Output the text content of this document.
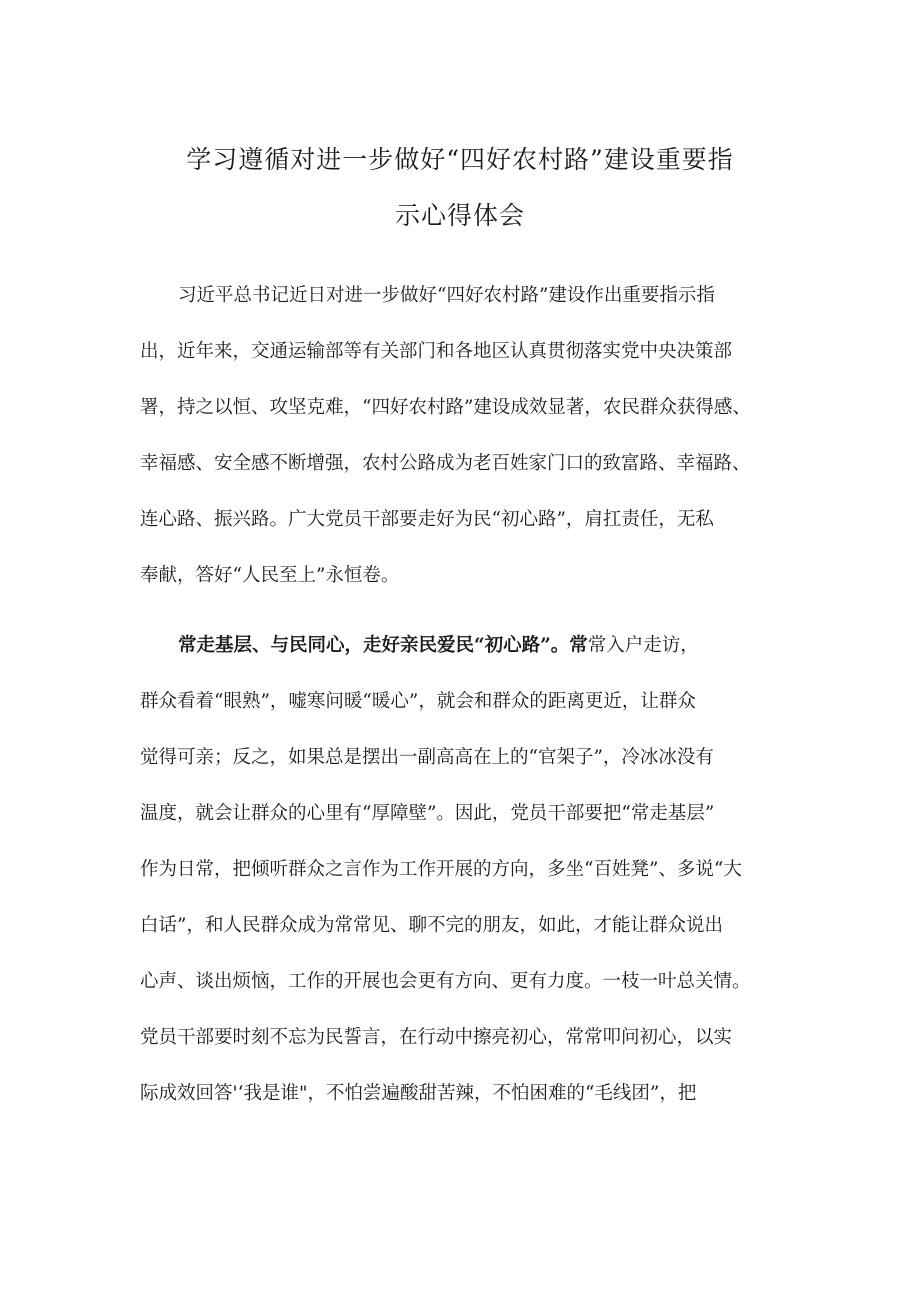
学习遵循对进一步做好“四好农村路”建设重要指
示心得体会
习近平总书记近日对进一步做好“四好农村路”建设作出重要指示指
出，近年来，交通运输部等有关部门和各地区认真贯彻落实党中央决策部
署，持之以恒、攻坚克难，“四好农村路”建设成效显著，农民群众获得感、
幸福感、安全感不断增强，农村公路成为老百姓家门口的致富路、幸福路、
连心路、振兴路。广大党员干部要走好为民“初心路”，肩扛责任，无私
奉献，答好“人民至上”永恒卷。
常走基层、与民同心，走好亲民爱民“初心路”。常常入户走访，
群众看着“眼熟”，嘘寒问暖“暖心”，就会和群众的距离更近，让群众
觉得可亲；反之，如果总是摆出一副高高在上的“官架子”，冷冰冰没有
温度，就会让群众的心里有“厚障壁”。因此，党员干部要把“常走基层”
作为日常，把倾听群众之言作为工作开展的方向，多坐“百姓凳”、多说“大
白话”，和人民群众成为常常见、聊不完的朋友，如此，才能让群众说出
心声、谈出烦恼，工作的开展也会更有方向、更有力度。一枝一叶总关情。
党员干部要时刻不忘为民誓言，在行动中擦亮初心，常常叩问初心，以实
际成效回答'‘我是谁"，不怕尝遍酸甜苦辣，不怕困难的“毛线团”，把
